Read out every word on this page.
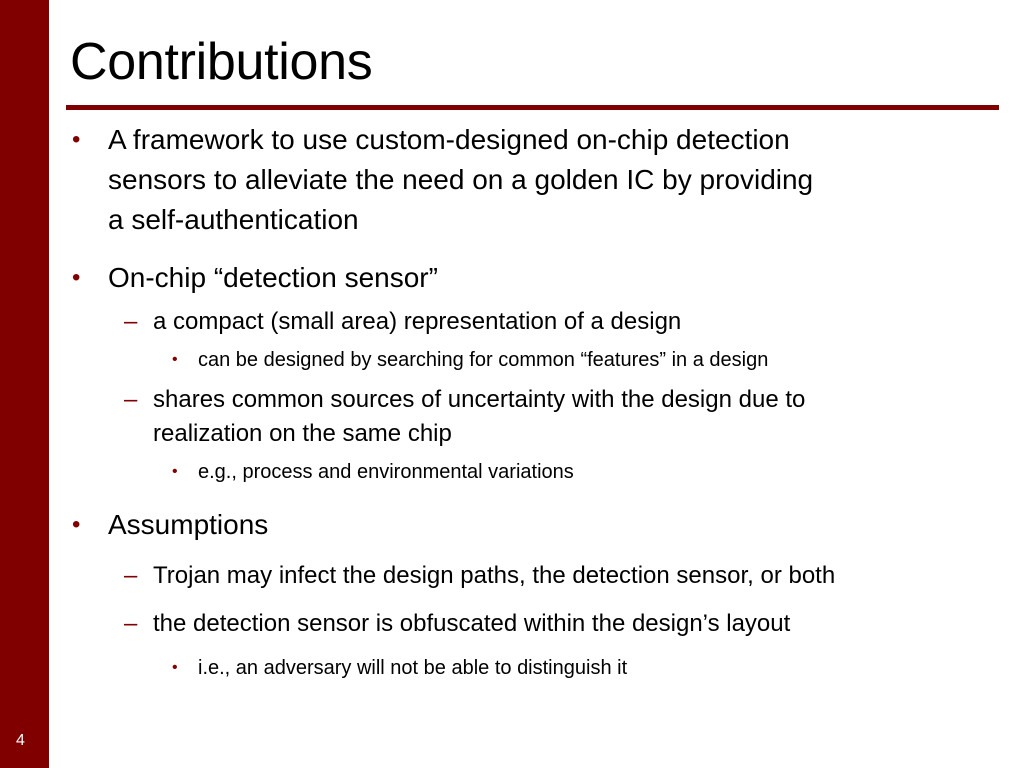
4
Contributions
• A framework to use custom-designed on-chip detection
sensors to alleviate the need on a golden IC by providing
a self-authentication
• On-chip “detection sensor”
– a compact (small area) representation of a design
• can be designed by searching for common “features” in a design
– shares common sources of uncertainty with the design due to
realization on the same chip
• e.g., process and environmental variations
• Assumptions
– Trojan may infect the design paths, the detection sensor, or both
– the detection sensor is obfuscated within the design’s layout
• i.e., an adversary will not be able to distinguish it
